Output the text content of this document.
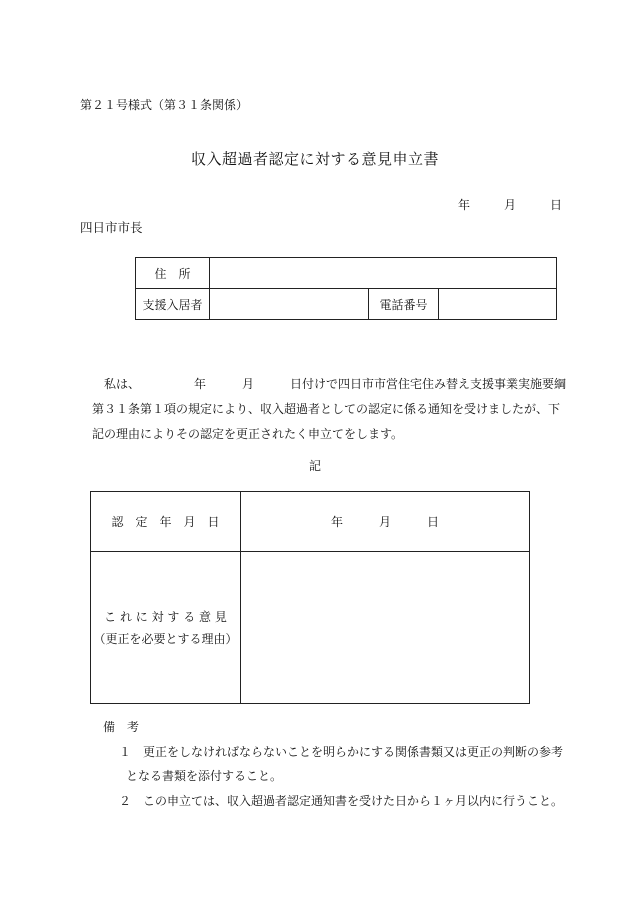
第２１号様式（第３１条関係）
収入超過者認定に対する意見申立書
年	月	日
四日市市長
住　所			
支援入居者		電話番号	
私は、　　　　　年　　　月　　　日付けで四日市市営住宅住み替え支援事業実施要綱
第３１条第１項の規定により、収入超過者としての認定に係る通知を受けましたが、下
記の理由によりその認定を更正されたく申立てをします。
記
認　定　年　月　日	年　　　月　　　日

こ れ に 対 す る 意 見
（更正を必要とする理由）	

備　考
１　更正をしなければならないことを明らかにする関係書類又は更正の判断の参考
となる書類を添付すること。
２　この申立ては、収入超過者認定通知書を受けた日から１ヶ月以内に行うこと。
